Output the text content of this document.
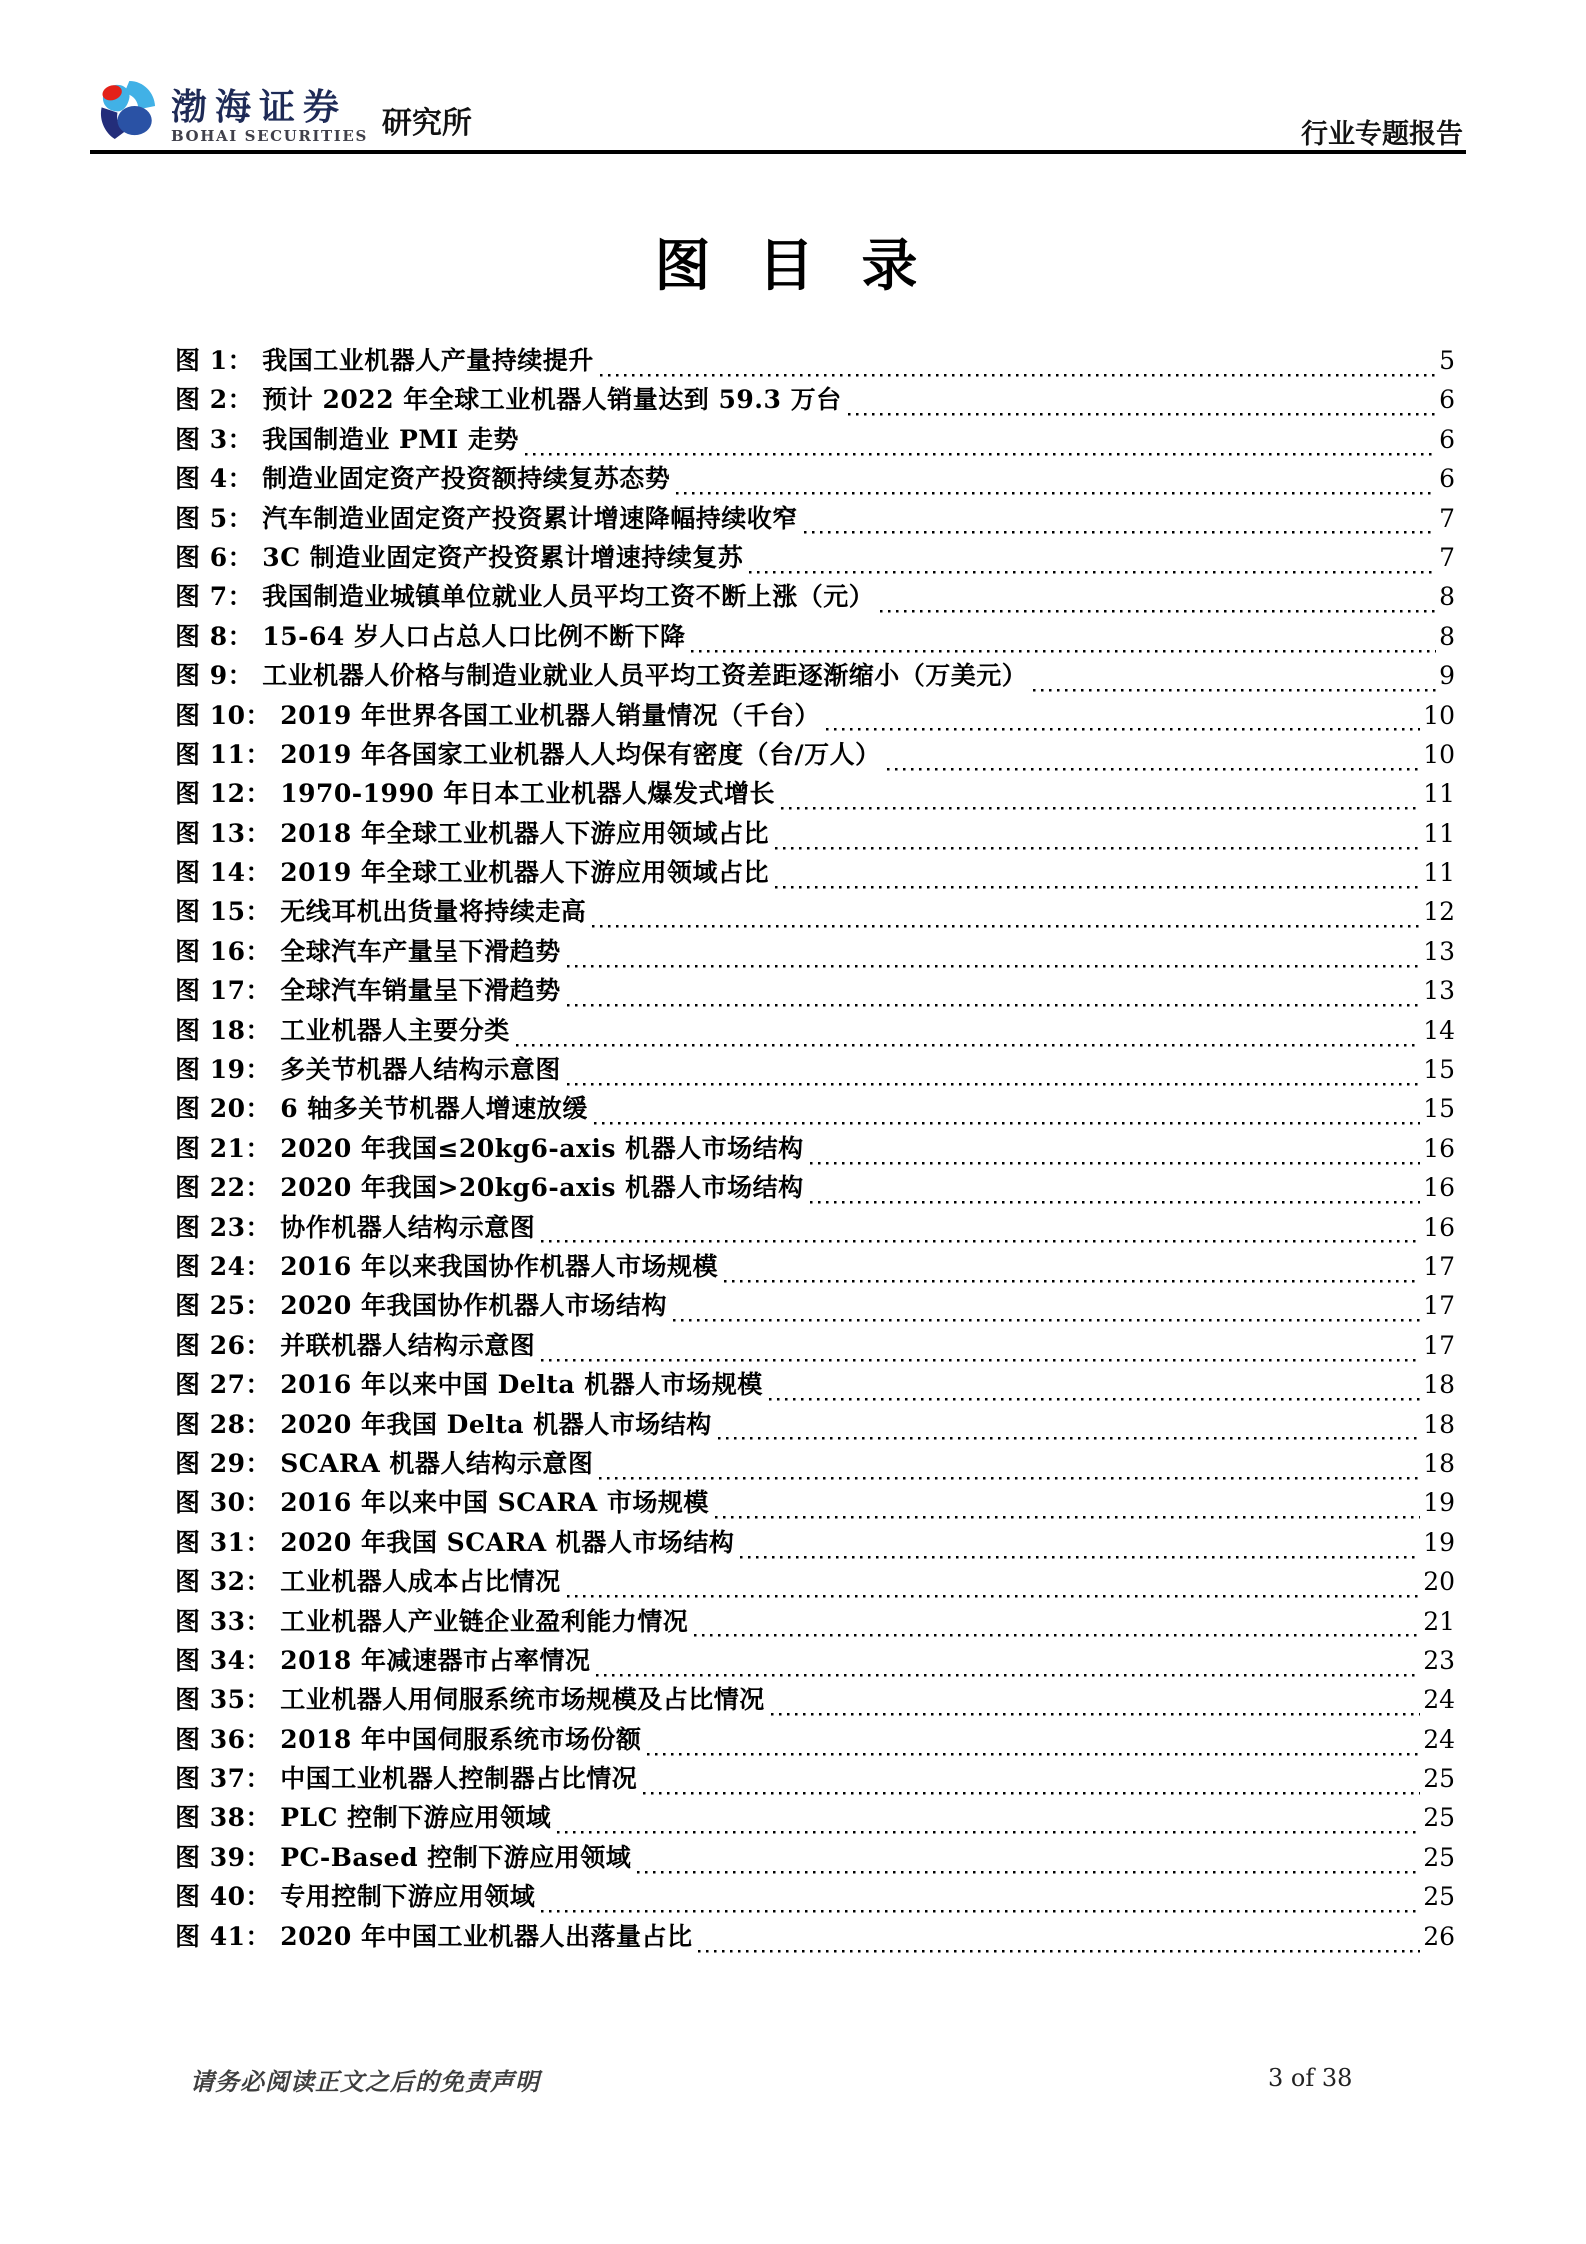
渤海证券
BOHAI SECURITIES 研究所	行业专题报告
图 目 录
图 1： 我国工业机器人产量持续提升	5
图 2： 预计 2022 年全球工业机器人销量达到 59.3 万台	6
图 3： 我国制造业 PMI 走势	6
图 4： 制造业固定资产投资额持续复苏态势	6
图 5： 汽车制造业固定资产投资累计增速降幅持续收窄	7
图 6： 3C 制造业固定资产投资累计增速持续复苏	7
图 7： 我国制造业城镇单位就业人员平均工资不断上涨（元）	8
图 8： 15-64 岁人口占总人口比例不断下降	8
图 9： 工业机器人价格与制造业就业人员平均工资差距逐渐缩小（万美元）	9
图 10： 2019 年世界各国工业机器人销量情况（千台）	10
图 11： 2019 年各国家工业机器人人均保有密度（台/万人）	10
图 12： 1970-1990 年日本工业机器人爆发式增长	11
图 13： 2018 年全球工业机器人下游应用领域占比	11
图 14： 2019 年全球工业机器人下游应用领域占比	11
图 15： 无线耳机出货量将持续走高	12
图 16： 全球汽车产量呈下滑趋势	13
图 17： 全球汽车销量呈下滑趋势	13
图 18： 工业机器人主要分类	14
图 19： 多关节机器人结构示意图	15
图 20： 6 轴多关节机器人增速放缓	15
图 21： 2020 年我国≤20kg6-axis 机器人市场结构	16
图 22： 2020 年我国>20kg6-axis 机器人市场结构	16
图 23： 协作机器人结构示意图	16
图 24： 2016 年以来我国协作机器人市场规模	17
图 25： 2020 年我国协作机器人市场结构	17
图 26： 并联机器人结构示意图	17
图 27： 2016 年以来中国 Delta 机器人市场规模	18
图 28： 2020 年我国 Delta 机器人市场结构	18
图 29： SCARA 机器人结构示意图	18
图 30： 2016 年以来中国 SCARA 市场规模	19
图 31： 2020 年我国 SCARA 机器人市场结构	19
图 32： 工业机器人成本占比情况	20
图 33： 工业机器人产业链企业盈利能力情况	21
图 34： 2018 年减速器市占率情况	23
图 35： 工业机器人用伺服系统市场规模及占比情况	24
图 36： 2018 年中国伺服系统市场份额	24
图 37： 中国工业机器人控制器占比情况	25
图 38： PLC 控制下游应用领域	25
图 39： PC-Based 控制下游应用领域	25
图 40： 专用控制下游应用领域	25
图 41： 2020 年中国工业机器人出落量占比	26
请务必阅读正文之后的免责声明	3 of 38
